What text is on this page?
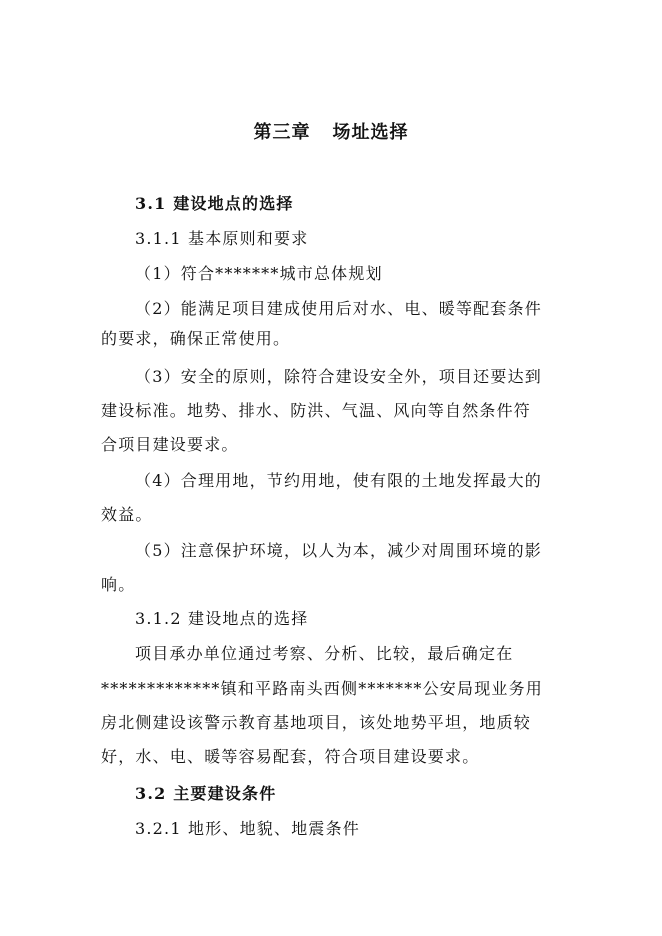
第三章 场址选择
3.1 建设地点的选择
3.1.1 基本原则和要求
（1）符合*******城市总体规划
（2）能满足项目建成使用后对水、电、暖等配套条件
的要求，确保正常使用。
（3）安全的原则，除符合建设安全外，项目还要达到
建设标准。地势、排水、防洪、气温、风向等自然条件符
合项目建设要求。
（4）合理用地，节约用地，使有限的土地发挥最大的
效益。
（5）注意保护环境，以人为本，减少对周围环境的影
响。
3.1.2 建设地点的选择
项目承办单位通过考察、分析、比较，最后确定在
*************镇和平路南头西侧*******公安局现业务用
房北侧建设该警示教育基地项目，该处地势平坦，地质较
好，水、电、暖等容易配套，符合项目建设要求。
3.2 主要建设条件
3.2.1 地形、地貌、地震条件
